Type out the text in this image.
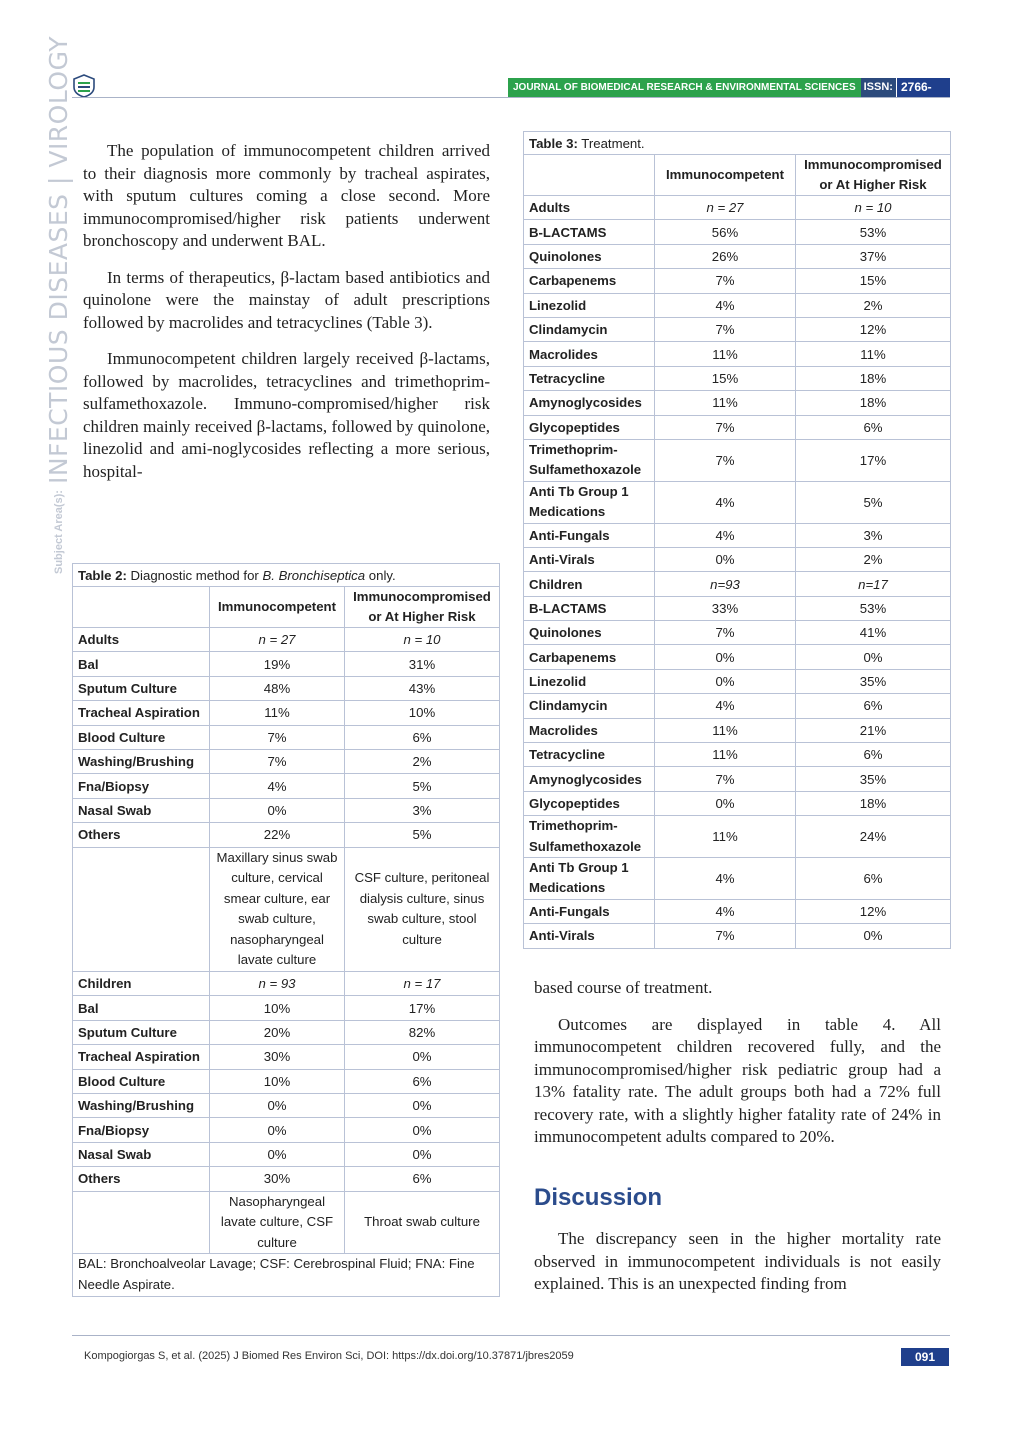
JOURNAL OF BIOMEDICAL RESEARCH & ENVIRONMENTAL SCIENCES ISSN: 2766-2276
Subject Area(s):
INFECTIOUS DISEASES | VIROLOGY	The population of immunocompetent children arrived to their diagnosis more commonly by tracheal aspirates, with sputum cultures coming a close second. More immunocompromised/higher risk patients underwent bronchoscopy and underwent BAL.

In terms of therapeutics, β-lactam based antibiotics and quinolone were the mainstay of adult prescriptions followed by macrolides and tetracyclines (Table 3).

Immunocompetent children largely received β-lactams, followed by macrolides, tetracyclines and trimethoprim-sulfamethoxazole. Immuno-compromised/higher risk children mainly received β-lactams, followed by quinolone, linezolid and ami-noglycosides reflecting a more serious, hospital-

Table 2: Diagnostic method for B. Bronchiseptica only.		
	Immunocompetent	Immunocompromised or At Higher Risk
Adults	n = 27	n = 10
Bal	19%	31%
Sputum Culture	48%	43%
Tracheal Aspiration	11%	10%
Blood Culture	7%	6%
Washing/Brushing	7%	2%
Fna/Biopsy	4%	5%
Nasal Swab	0%	3%
Others	22%	5%
	Maxillary sinus swab culture, cervical smear culture, ear swab culture, nasopharyngeal lavate culture	CSF culture, peritoneal dialysis culture, sinus swab culture, stool culture
Children	n = 93	n = 17
Bal	10%	17%
Sputum Culture	20%	82%
Tracheal Aspiration	30%	0%
Blood Culture	10%	6%
Washing/Brushing	0%	0%
Fna/Biopsy	0%	0%
Nasal Swab	0%	0%
Others	30%	6%
	Nasopharyngeal lavate culture, CSF culture	Throat swab culture
BAL: Bronchoalveolar Lavage; CSF: Cerebrospinal Fluid; FNA: Fine Needle Aspirate.		
Table 3: Treatment.		
	Immunocompetent	Immunocompromised or At Higher Risk
Adults	n = 27	n = 10
B-LACTAMS	56%	53%
Quinolones	26%	37%
Carbapenems	7%	15%
Linezolid	4%	2%
Clindamycin	7%	12%
Macrolides	11%	11%
Tetracycline	15%	18%
Amynoglycosides	11%	18%
Glycopeptides	7%	6%
Trimethoprim-Sulfamethoxazole	7%	17%
Anti Tb Group 1 Medications	4%	5%
Anti-Fungals	4%	3%
Anti-Virals	0%	2%
Children	n=93	n=17
B-LACTAMS	33%	53%
Quinolones	7%	41%
Carbapenems	0%	0%
Linezolid	0%	35%
Clindamycin	4%	6%
Macrolides	11%	21%
Tetracycline	11%	6%
Amynoglycosides	7%	35%
Glycopeptides	0%	18%
Trimethoprim-Sulfamethoxazole	11%	24%
Anti Tb Group 1 Medications	4%	6%
Anti-Fungals	4%	12%
Anti-Virals	7%	0%

based course of treatment.

Outcomes are displayed in table 4. All immunocompetent children recovered fully, and the immunocompromised/higher risk pediatric group had a 13% fatality rate. The adult groups both had a 72% full recovery rate, with a slightly higher fatality rate of 24% in immunocompetent adults compared to 20%.

Discussion

The discrepancy seen in the higher mortality rate observed in immunocompetent individuals is not easily explained. This is an unexpected finding from

Kompogiorgas S, et al. (2025) J Biomed Res Environ Sci, DOI: https://dx.doi.org/10.37871/jbres2059	091
